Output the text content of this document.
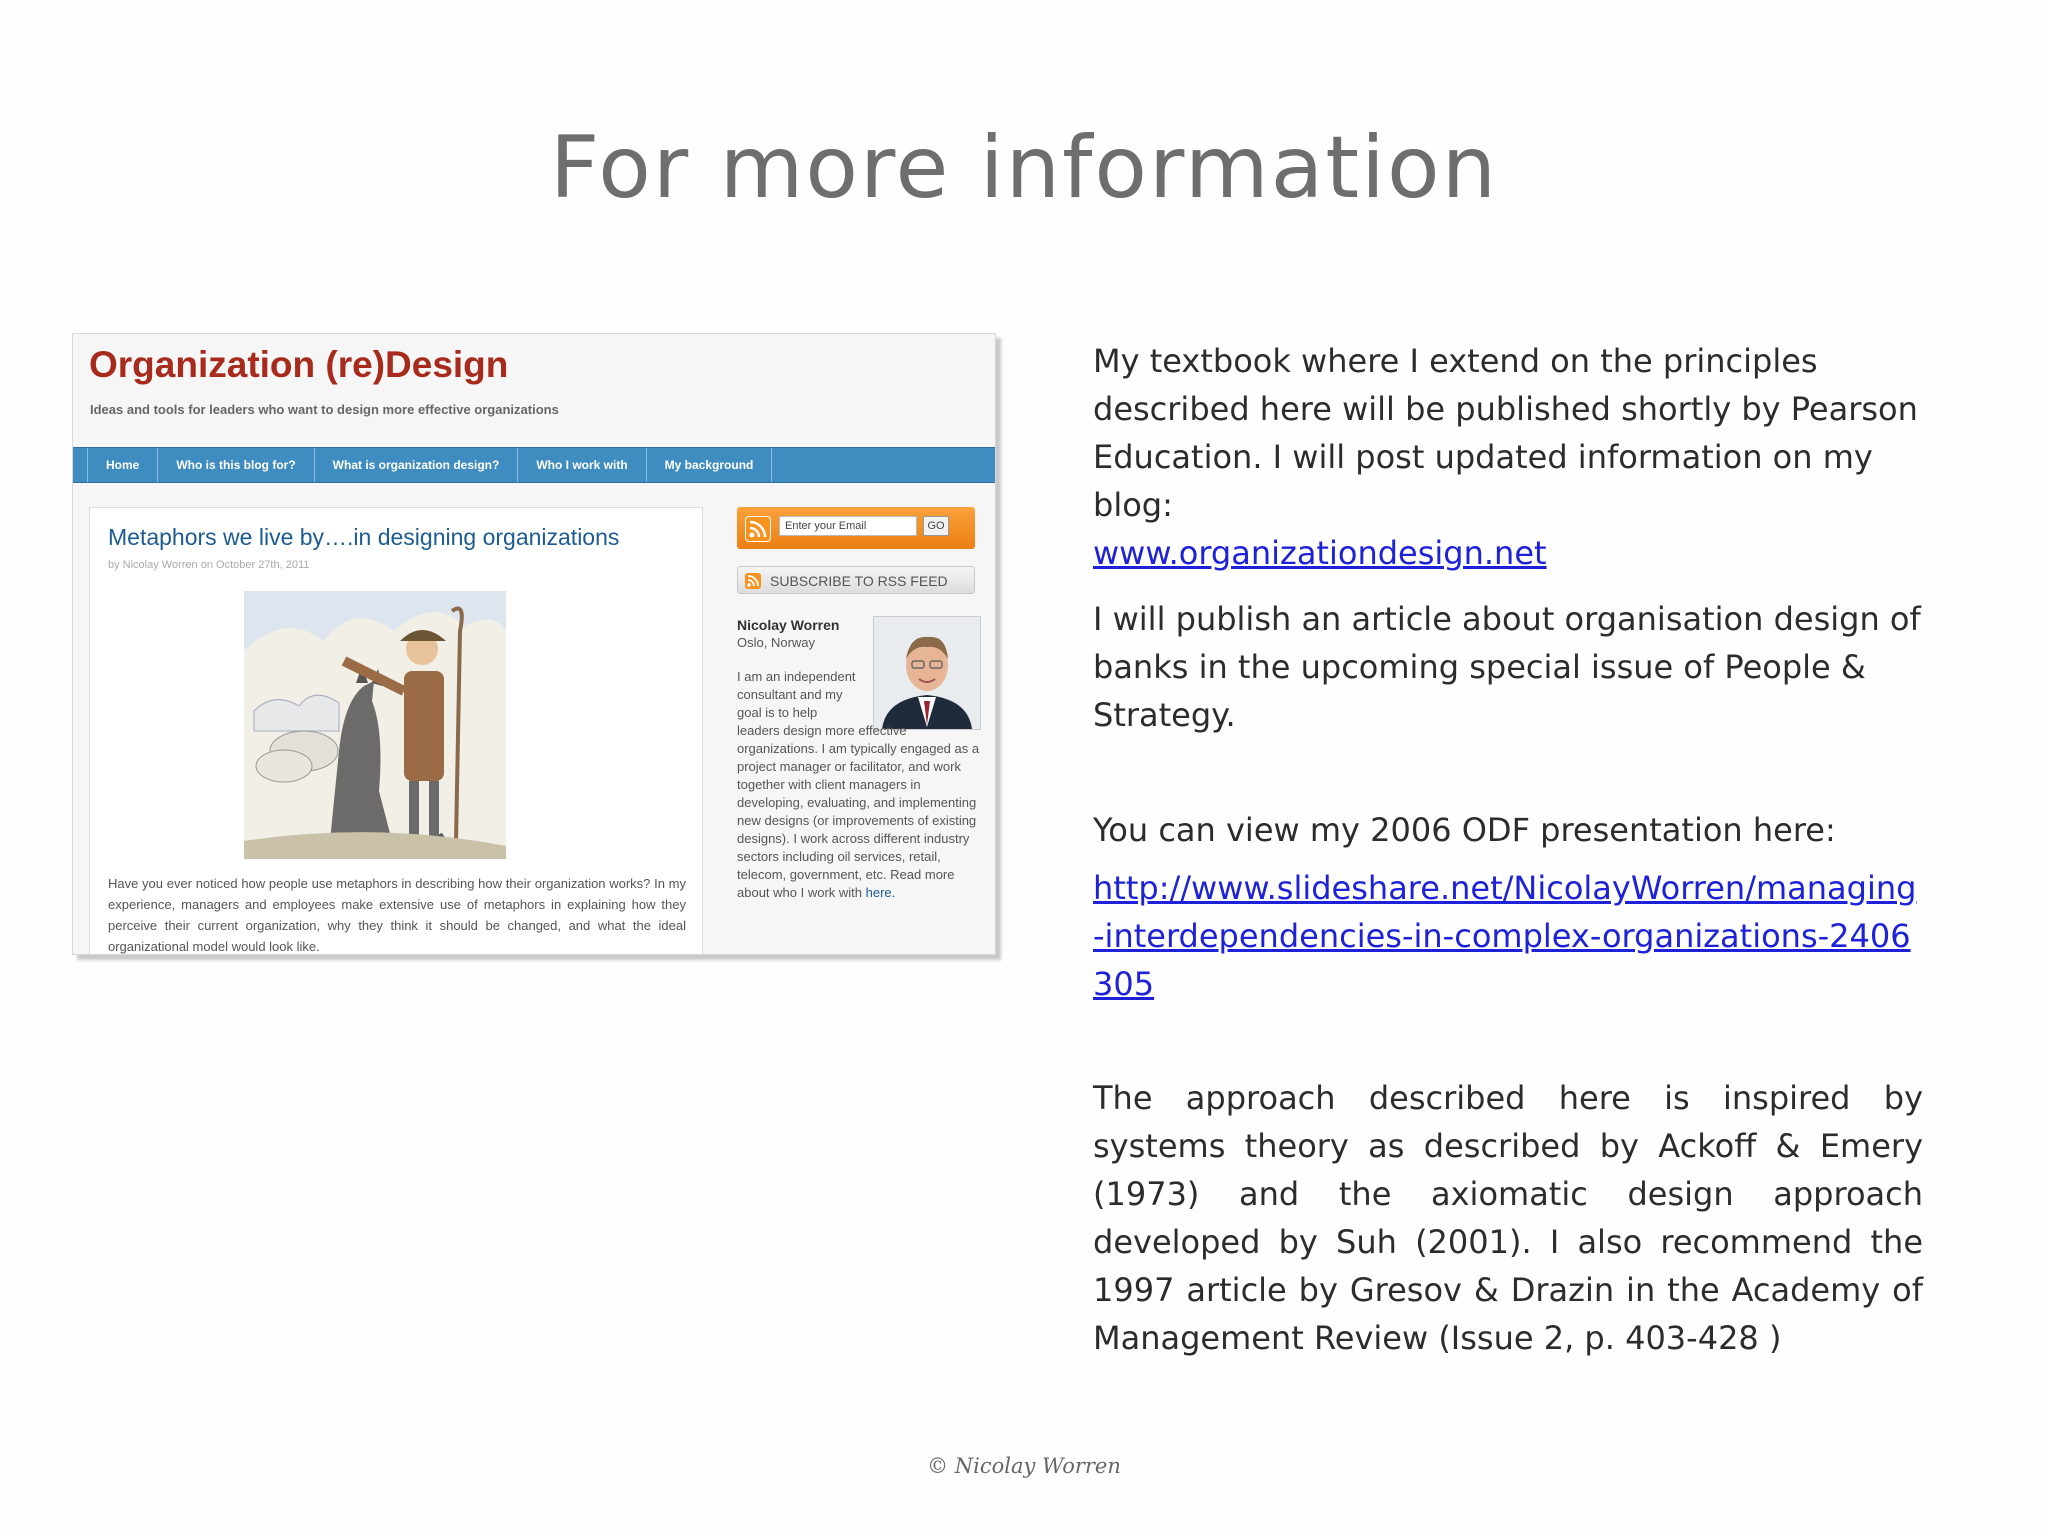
For more information
Organization (re)Design
Ideas and tools for leaders who want to design more effective organizations
Home	Who is this blog for?	What is organization design?	Who I work with	My background
Metaphors we live by….in designing organizations
by Nicolay Worren on October 27th, 2011
Have you ever noticed how people use metaphors in describing how their organization works? In my experience, managers and employees make extensive use of metaphors in explaining how they perceive their current organization, why they think it should be changed, and what the ideal organizational model would look like.
Enter your Email	GO
SUBSCRIBE TO RSS FEED
Nicolay Worren
Oslo, Norway
I am an independent consultant and my goal is to help
leaders design more effective organizations. I am typically engaged as a project manager or facilitator, and work together with client managers in developing, evaluating, and implementing new designs (or improvements of existing designs). I work across different industry sectors including oil services, retail, telecom, government, etc. Read more about who I work with here.
My textbook where I extend on the principles described here will be published shortly by Pearson Education. I will post updated information on my blog:
www.organizationdesign.net
I will publish an article about organisation design of banks in the upcoming special issue of People & Strategy.
You can view my 2006 ODF presentation here:
http://www.slideshare.net/NicolayWorren/managing-interdependencies-in-complex-organizations-2406305
The approach described here is inspired by systems theory as described by Ackoff & Emery (1973) and the axiomatic design approach developed by Suh (2001). I also recommend the 1997 article by Gresov & Drazin in the Academy of Management Review (Issue 2, p. 403-428 )
© Nicolay Worren
